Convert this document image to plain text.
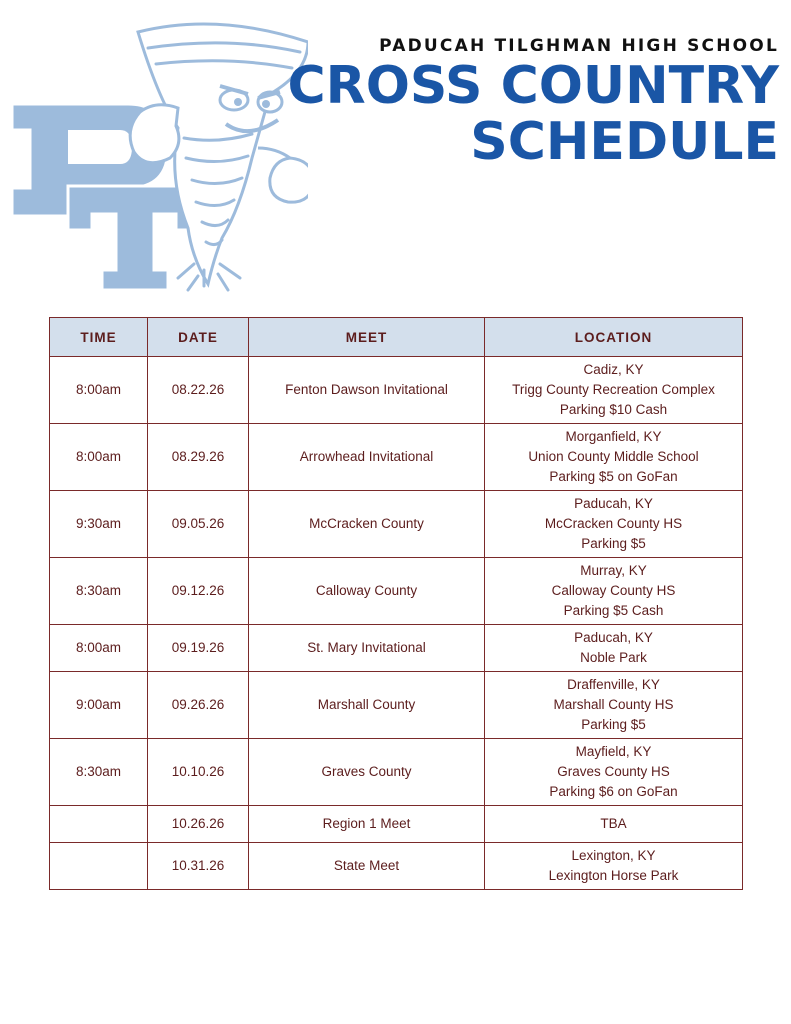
PADUCAH TILGHMAN HIGH SCHOOL
CROSS COUNTRY
SCHEDULE
TIME	DATE	MEET	LOCATION
8:00am	08.22.26	Fenton Dawson Invitational	Cadiz, KY
Trigg County Recreation Complex
Parking $10 Cash

8:00am	08.29.26	Arrowhead Invitational	Morganfield, KY
Union County Middle School
Parking $5 on GoFan

9:30am	09.05.26	McCracken County	Paducah, KY
McCracken County HS
Parking $5

8:30am	09.12.26	Calloway County	Murray, KY
Calloway County HS
Parking $5 Cash

8:00am	09.19.26	St. Mary Invitational	Paducah, KY
Noble Park

9:00am	09.26.26	Marshall County	Draffenville, KY
Marshall County HS
Parking $5

8:30am	10.10.26	Graves County	Mayfield, KY
Graves County HS
Parking $6 on GoFan

	10.26.26	Region 1 Meet	TBA

	10.31.26	State Meet	Lexington, KY
Lexington Horse Park
